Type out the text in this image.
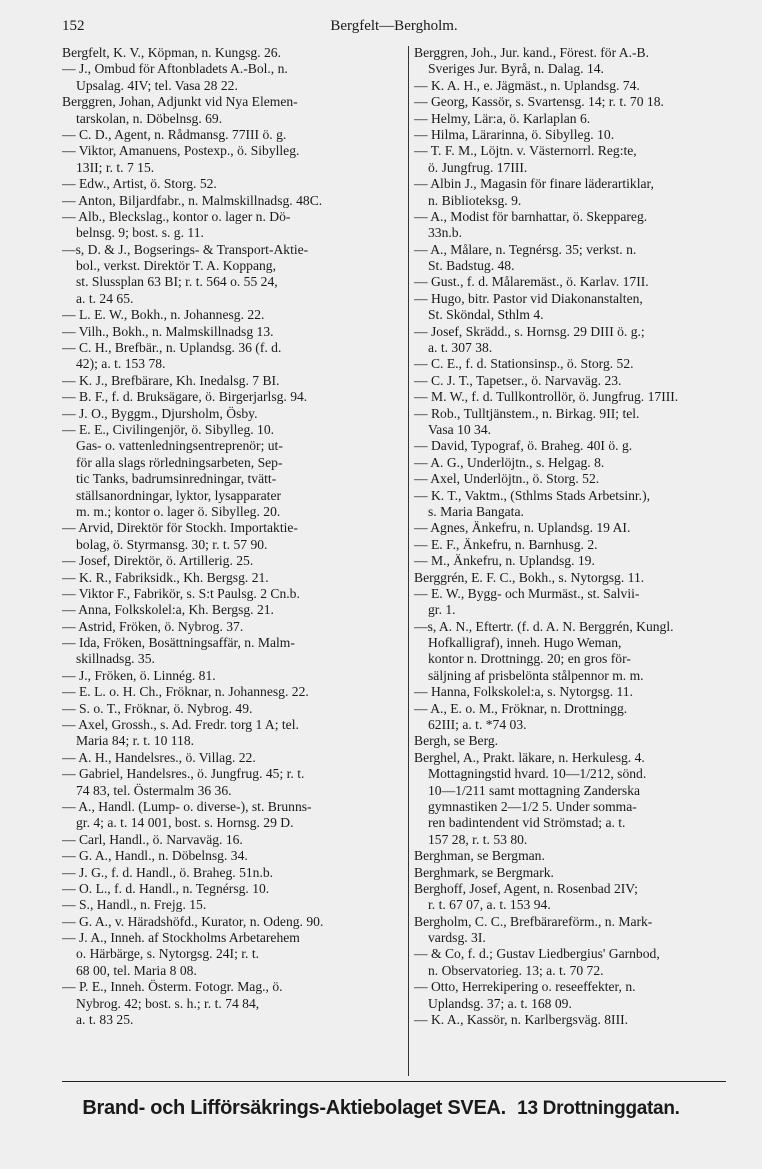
152	Bergfelt—Bergholm.
Bergfelt, K. V., Köpman, n. Kungsg. 26.
— J., Ombud för Aftonbladets A.-Bol., n.
Upsalag. 4IV; tel. Vasa 28 22.
Berggren, Johan, Adjunkt vid Nya Elemen-
tarskolan, n. Döbelnsg. 69.
— C. D., Agent, n. Rådmansg. 77III ö. g.
— Viktor, Amanuens, Postexp., ö. Sibylleg.
13II; r. t. 7 15.
— Edw., Artist, ö. Storg. 52.
— Anton, Biljardfabr., n. Malmskillnadsg. 48C.
— Alb., Bleckslag., kontor o. lager n. Dö-
belnsg. 9; bost. s. g. 11.
—s, D. & J., Bogserings- & Transport-Aktie-
bol., verkst. Direktör T. A. Koppang,
st. Slussplan 63 BI; r. t. 564 o. 55 24,
a. t. 24 65.
— L. E. W., Bokh., n. Johannesg. 22.
— Vilh., Bokh., n. Malmskillnadsg 13.
— C. H., Brefbär., n. Uplandsg. 36 (f. d.
42); a. t. 153 78.
— K. J., Brefbärare, Kh. Inedalsg. 7 BI.
— B. F., f. d. Bruksägare, ö. Birgerjarlsg. 94.
— J. O., Byggm., Djursholm, Ösby.
— E. E., Civilingenjör, ö. Sibylleg. 10.
Gas- o. vattenledningsentreprenör; ut-
för alla slags rörledningsarbeten, Sep-
tic Tanks, badrumsinredningar, tvätt-
ställsanordningar, lyktor, lysapparater
m. m.; kontor o. lager ö. Sibylleg. 20.
— Arvid, Direktör för Stockh. Importaktie-
bolag, ö. Styrmansg. 30; r. t. 57 90.
— Josef, Direktör, ö. Artillerig. 25.
— K. R., Fabriksidk., Kh. Bergsg. 21.
— Viktor F., Fabrikör, s. S:t Paulsg. 2 Cn.b.
— Anna, Folkskolel:a, Kh. Bergsg. 21.
— Astrid, Fröken, ö. Nybrog. 37.
— Ida, Fröken, Bosättningsaffär, n. Malm-
skillnadsg. 35.
— J., Fröken, ö. Linnég. 81.
— E. L. o. H. Ch., Fröknar, n. Johannesg. 22.
— S. o. T., Fröknar, ö. Nybrog. 49.
— Axel, Grossh., s. Ad. Fredr. torg 1 A; tel.
Maria 84; r. t. 10 118.
— A. H., Handelsres., ö. Villag. 22.
— Gabriel, Handelsres., ö. Jungfrug. 45; r. t.
74 83, tel. Östermalm 36 36.
— A., Handl. (Lump- o. diverse-), st. Brunns-
gr. 4; a. t. 14 001, bost. s. Hornsg. 29 D.
— Carl, Handl., ö. Narvaväg. 16.
— G. A., Handl., n. Döbelnsg. 34.
— J. G., f. d. Handl., ö. Braheg. 51n.b.
— O. L., f. d. Handl., n. Tegnérsg. 10.
— S., Handl., n. Frejg. 15.
— G. A., v. Häradshöfd., Kurator, n. Odeng. 90.
— J. A., Inneh. af Stockholms Arbetarehem
o. Härbärge, s. Nytorgsg. 24I; r. t.
68 00, tel. Maria 8 08.
— P. E., Inneh. Österm. Fotogr. Mag., ö.
Nybrog. 42; bost. s. h.; r. t. 74 84,
a. t. 83 25.
Berggren, Joh., Jur. kand., Förest. för A.-B.
Sveriges Jur. Byrå, n. Dalag. 14.
— K. A. H., e. Jägmäst., n. Uplandsg. 74.
— Georg, Kassör, s. Svartensg. 14; r. t. 70 18.
— Helmy, Lär:a, ö. Karlaplan 6.
— Hilma, Lärarinna, ö. Sibylleg. 10.
— T. F. M., Löjtn. v. Västernorrl. Reg:te,
ö. Jungfrug. 17III.
— Albin J., Magasin för finare läderartiklar,
n. Biblioteksg. 9.
— A., Modist för barnhattar, ö. Skeppareg.
33n.b.
— A., Målare, n. Tegnérsg. 35; verkst. n.
St. Badstug. 48.
— Gust., f. d. Målaremäst., ö. Karlav. 17II.
— Hugo, bitr. Pastor vid Diakonanstalten,
St. Sköndal, Sthlm 4.
— Josef, Skrädd., s. Hornsg. 29 DIII ö. g.;
a. t. 307 38.
— C. E., f. d. Stationsinsp., ö. Storg. 52.
— C. J. T., Tapetser., ö. Narvaväg. 23.
— M. W., f. d. Tullkontrollör, ö. Jungfrug. 17III.
— Rob., Tulltjänstem., n. Birkag. 9II; tel.
Vasa 10 34.
— David, Typograf, ö. Braheg. 40I ö. g.
— A. G., Underlöjtn., s. Helgag. 8.
— Axel, Underlöjtn., ö. Storg. 52.
— K. T., Vaktm., (Sthlms Stads Arbetsinr.),
s. Maria Bangata.
— Agnes, Änkefru, n. Uplandsg. 19 AI.
— E. F., Änkefru, n. Barnhusg. 2.
— M., Änkefru, n. Uplandsg. 19.
Berggrén, E. F. C., Bokh., s. Nytorgsg. 11.
— E. W., Bygg- och Murmäst., st. Salvii-
gr. 1.
—s, A. N., Eftertr. (f. d. A. N. Berggrén, Kungl.
Hofkalligraf), inneh. Hugo Weman,
kontor n. Drottningg. 20; en gros för-
säljning af prisbelönta stålpennor m. m.
— Hanna, Folkskolel:a, s. Nytorgsg. 11.
— A., E. o. M., Fröknar, n. Drottningg.
62III; a. t. *74 03.
Bergh, se Berg.
Berghel, A., Prakt. läkare, n. Herkulesg. 4.
Mottagningstid hvard. 10—1/212, sönd.
10—1/211 samt mottagning Zanderska
gymnastiken 2—1/2 5. Under somma-
ren badintendent vid Strömstad; a. t.
157 28, r. t. 53 80.
Berghman, se Bergman.
Berghmark, se Bergmark.
Berghoff, Josef, Agent, n. Rosenbad 2IV;
r. t. 67 07, a. t. 153 94.
Bergholm, C. C., Brefbärareförm., n. Mark-
vardsg. 3I.
— & Co, f. d.; Gustav Liedbergius' Garnbod,
n. Observatorieg. 13; a. t. 70 72.
— Otto, Herrekipering o. reseeffekter, n.
Uplandsg. 37; a. t. 168 09.
— K. A., Kassör, n. Karlbergsväg. 8III.
Brand- och Lifförsäkrings-Aktiebolaget SVEA. 13 Drottninggatan.
